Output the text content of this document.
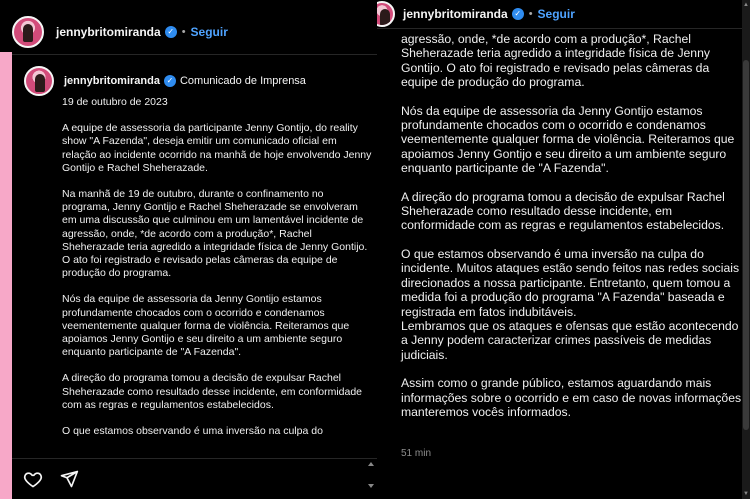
jennybritomiranda ✓ • Seguir
jennybritomiranda ✓ Comunicado de Imprensa

19 de outubro de 2023

A equipe de assessoria da participante Jenny Gontijo, do reality show "A Fazenda", deseja emitir um comunicado oficial em relação ao incidente ocorrido na manhã de hoje envolvendo Jenny Gontijo e Rachel Sheherazade.

Na manhã de 19 de outubro, durante o confinamento no programa, Jenny Gontijo e Rachel Sheherazade se envolveram em uma discussão que culminou em um lamentável incidente de agressão, onde, *de acordo com a produção*, Rachel Sheherazade teria agredido a integridade física de Jenny Gontijo. O ato foi registrado e revisado pelas câmeras da equipe de produção do programa.

Nós da equipe de assessoria da Jenny Gontijo estamos profundamente chocados com o ocorrido e condenamos veementemente qualquer forma de violência. Reiteramos que apoiamos Jenny Gontijo e seu direito a um ambiente seguro enquanto participante de "A Fazenda".

A direção do programa tomou a decisão de expulsar Rachel Sheherazade como resultado desse incidente, em conformidade com as regras e regulamentos estabelecidos.

O que estamos observando é uma inversão na culpa do

jennybritomiranda ✓ • Seguir

agressão, onde, *de acordo com a produção*, Rachel Sheherazade teria agredido a integridade física de Jenny Gontijo. O ato foi registrado e revisado pelas câmeras da equipe de produção do programa.

Nós da equipe de assessoria da Jenny Gontijo estamos profundamente chocados com o ocorrido e condenamos veementemente qualquer forma de violência. Reiteramos que apoiamos Jenny Gontijo e seu direito a um ambiente seguro enquanto participante de "A Fazenda".

A direção do programa tomou a decisão de expulsar Rachel Sheherazade como resultado desse incidente, em conformidade com as regras e regulamentos estabelecidos.

O que estamos observando é uma inversão na culpa do incidente. Muitos ataques estão sendo feitos nas redes sociais direcionados a nossa participante. Entretanto, quem tomou a medida foi a produção do programa "A Fazenda" baseada e registrada em fatos indubitáveis.

Lembramos que os ataques e ofensas que estão acontecendo a Jenny podem caracterizar crimes passíveis de medidas judiciais.

Assim como o grande público, estamos aguardando mais informações sobre o ocorrido e em caso de novas informações manteremos vocês informados.

51 min
▲
▼
